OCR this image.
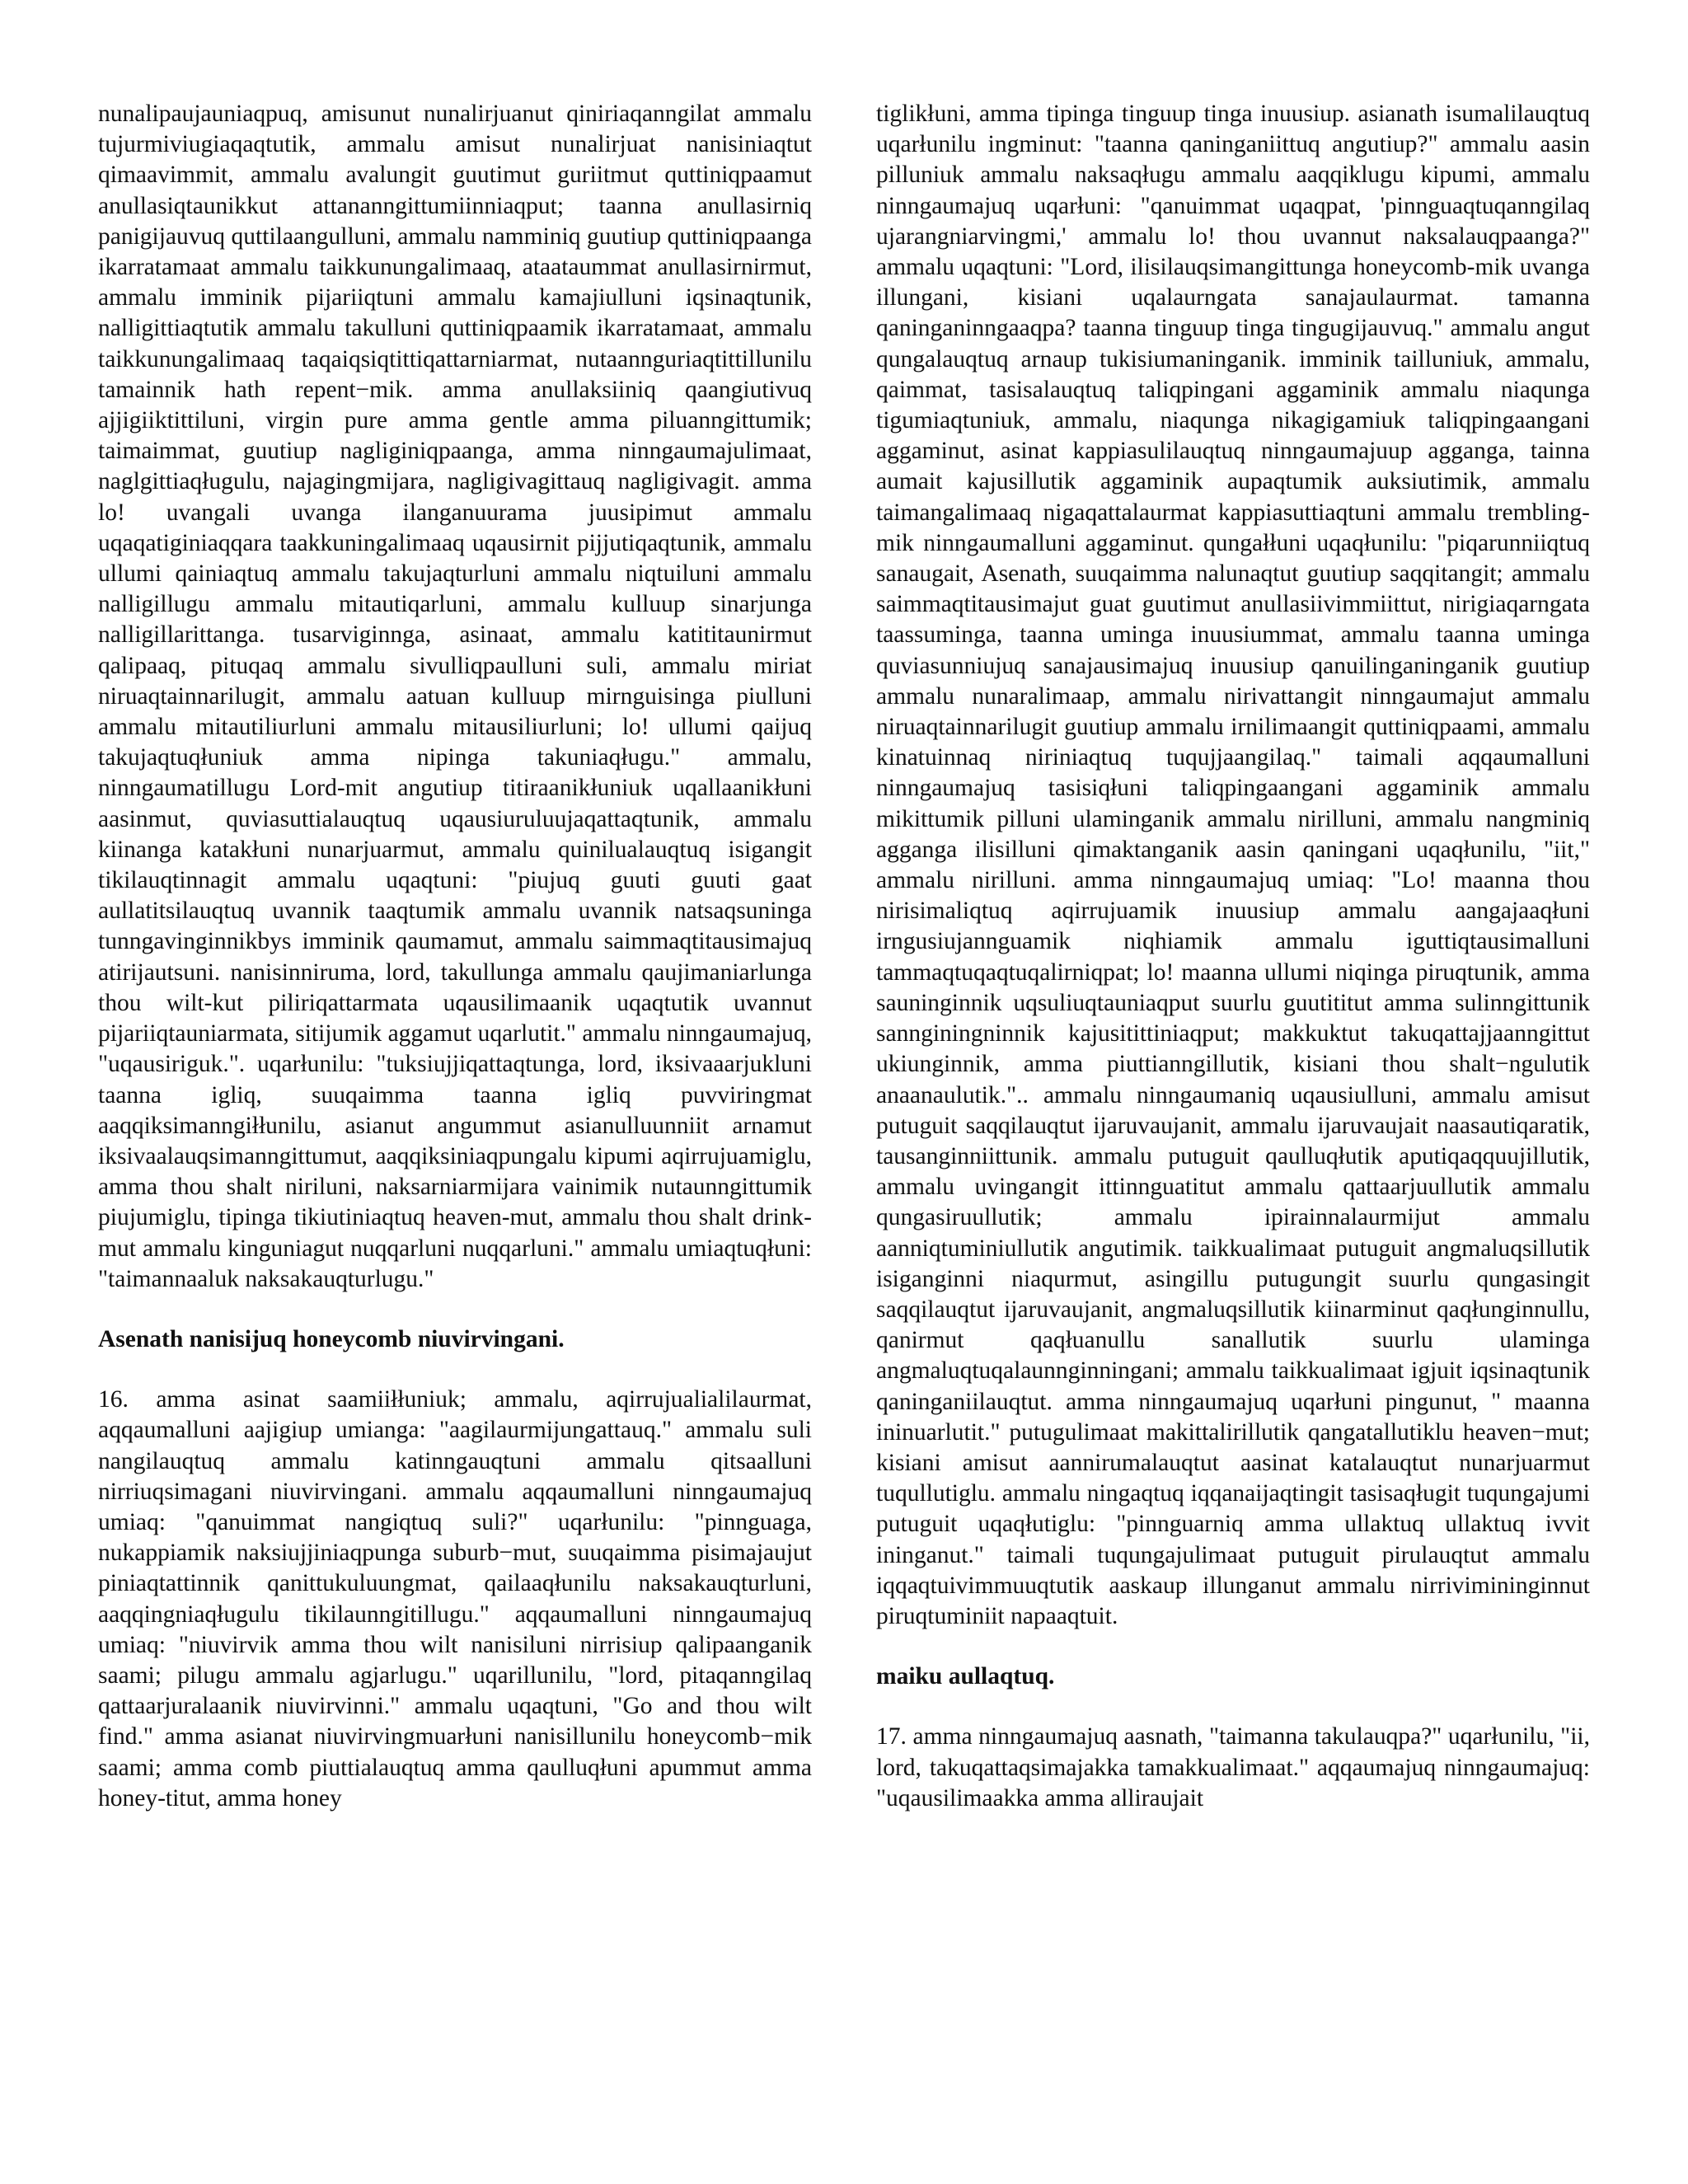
nunalipaujauniaqpuq, amisunut nunalirjuanut qiniriaqanngilat ammalu tujurmiviugiaqaqtutik, ammalu amisut nunalirjuat nanisiniaqtut qimaavimmit, ammalu avalungit guutimut guriitmut quttiniqpaamut anullasiqtaunikkut attananngittumiinniaqput; taanna anullasirniq panigijauvuq quttilaangulluni, ammalu namminiq guutiup quttiniqpaanga ikarratamaat ammalu taikkunungalimaaq, ataataummat anullasirnirmut, ammalu imminik pijariiqtuni ammalu kamajiulluni iqsinaqtunik, nalligittiaqtutik ammalu takulluni quttiniqpaamik ikarratamaat, ammalu taikkunungalimaaq taqaiqsiqtittiqattarniarmat, nutaannguriaqtittillunilu tamainnik hath repent−mik. amma anullaksiiniq qaangiutivuq ajjigiiktittiluni, virgin pure amma gentle amma piluanngittumik; taimaimmat, guutiup nagliginiqpaanga, amma ninngaumajulimaat, naglgittiaqługulu, najagingmijara, nagligivagittauq nagligivagit. amma lo! uvangali uvanga ilanganuurama juusipimut ammalu uqaqatiginiaqqara taakkuningalimaaq uqausirnit pijjutiqaqtunik, ammalu ullumi qainiaqtuq ammalu takujaqturluni ammalu niqtuiluni ammalu nalligillugu ammalu mitautiqarluni, ammalu kulluup sinarjunga nalligillarittanga. tusarviginnga, asinaat, ammalu katititaunirmut qalipaaq, pituqaq ammalu sivulliqpaulluni suli, ammalu miriat niruaqtainnarilugit, ammalu aatuan kulluup mirnguisinga piulluni ammalu mitautiliurluni ammalu mitausiliurluni; lo! ullumi qaijuq takujaqtuqłuniuk amma nipinga takuniaqługu." ammalu, ninngaumatillugu Lord-mit angutiup titiraanikłuniuk uqallaanikłuni aasinmut, quviasuttialauqtuq uqausiuruluujaqattaqtunik, ammalu kiinanga katakłuni nunarjuarmut, ammalu quinilualauqtuq isigangit tikilauqtinnagit ammalu uqaqtuni: "piujuq guuti guuti gaat aullatitsilauqtuq uvannik taaqtumik ammalu uvannik natsaqsuninga tunngavinginnikbys imminik qaumamut, ammalu saimmaqtitausimajuq atirijautsuni. nanisinniruma, lord, takullunga ammalu qaujimaniarlunga thou wilt-kut piliriqattarmata uqausilimaanik uqaqtutik uvannut pijariiqtauniarmata, sitijumik aggamut uqarlutit." ammalu ninngaumajuq, "uqausiriguk.". uqarłunilu: "tuksiujjiqattaqtunga, lord, iksivaaarjukluni taanna igliq, suuqaimma taanna igliq puvviringmat aaqqiksimanngiłłunilu, asianut angummut asianulluunniit arnamut iksivaalauqsimanngittumut, aaqqiksiniaqpungalu kipumi aqirrujuamiglu, amma thou shalt niriluni, naksarniarmijara vainimik nutaunngittumik piujumiglu, tipinga tikiutiniaqtuq heaven-mut, ammalu thou shalt drink-mut ammalu kinguniagut nuqqarluni nuqqarluni." ammalu umiaqtuqłuni: "taimannaaluk naksakauqturlugu."

Asenath nanisijuq honeycomb niuvirvingani.

16. amma asinat saamiiłłuniuk; ammalu, aqirrujualialilaurmat, aqqaumalluni aajigiup umianga: "aagilaurmijungattauq." ammalu suli nangilauqtuq ammalu katinngauqtuni ammalu qitsaalluni nirriuqsimagani niuvirvingani. ammalu aqqaumalluni ninngaumajuq umiaq: "qanuimmat nangiqtuq suli?" uqarłunilu: "pinnguaga, nukappiamik naksiujjiniaqpunga suburb−mut, suuqaimma pisimajaujut piniaqtattinnik qanittukuluungmat, qailaaqłunilu naksakauqturluni, aaqqingniaqługulu tikilaunngitillugu." aqqaumalluni ninngaumajuq umiaq: "niuvirvik amma thou wilt nanisiluni nirrisiup qalipaanganik saami; pilugu ammalu agjarlugu." uqarillunilu, "lord, pitaqanngilaq qattaarjuralaanik niuvirvinni." ammalu uqaqtuni, "Go and thou wilt find." amma asianat niuvirvingmuarłuni nanisillunilu honeycomb−mik saami; amma comb piuttialauqtuq amma qaulluqłuni apummut amma honey-titut, amma honey

tiglikłuni, amma tipinga tinguup tinga inuusiup. asianath isumalilauqtuq uqarłunilu ingminut: "taanna qaninganiittuq angutiup?" ammalu aasin pilluniuk ammalu naksaqługu ammalu aaqqiklugu kipumi, ammalu ninngaumajuq uqarłuni: "qanuimmat uqaqpat, 'pinnguaqtuqanngilaq ujarangniarvingmi,' ammalu lo! thou uvannut naksalauqpaanga?" ammalu uqaqtuni: "Lord, ilisilauqsimangittunga honeycomb-mik uvanga illungani, kisiani uqalaurngata sanajaulaurmat. tamanna qaninganinngaaqpa? taanna tinguup tinga tingugijauvuq." ammalu angut qungalauqtuq arnaup tukisiumaninganik. imminik tailluniuk, ammalu, qaimmat, tasisalauqtuq taliqpingani aggaminik ammalu niaqunga tigumiaqtuniuk, ammalu, niaqunga nikagigamiuk taliqpingaangani aggaminut, asinat kappiasulilauqtuq ninngaumajuup agganga, tainna aumait kajusillutik aggaminik aupaqtumik auksiutimik, ammalu taimangalimaaq nigaqattalaurmat kappiasuttiaqtuni ammalu trembling-mik ninngaumalluni aggaminut. qungałłuni uqaqłunilu: "piqarunniiqtuq sanaugait, Asenath, suuqaimma nalunaqtut guutiup saqqitangit; ammalu saimmaqtitausimajut guat guutimut anullasiivimmiittut, nirigiaqarngata taassuminga, taanna uminga inuusiummat, ammalu taanna uminga quviasunniujuq sanajausimajuq inuusiup qanuilinganinganik guutiup ammalu nunaralimaap, ammalu nirivattangit ninngaumajut ammalu niruaqtainnarilugit guutiup ammalu irnilimaangit quttiniqpaami, ammalu kinatuinnaq niriniaqtuq tuqujjaangilaq." taimali aqqaumalluni ninngaumajuq tasisiqłuni taliqpingaangani aggaminik ammalu mikittumik pilluni ulaminganik ammalu nirilluni, ammalu nangminiq agganga ilisilluni qimaktanganik aasin qaningani uqaqłunilu, "iit," ammalu nirilluni. amma ninngaumajuq umiaq: "Lo! maanna thou nirisimaliqtuq aqirrujuamik inuusiup ammalu aangajaaqłuni irngusiujannguamik niqhiamik ammalu iguttiqtausimalluni tammaqtuqaqtuqalirniqpat; lo! maanna ullumi niqinga piruqtunik, amma sauninginnik uqsuliuqtauniaqput suurlu guutititut amma sulinngittunik sannginingninnik kajusitittiniaqput; makkuktut takuqattajjaanngittut ukiunginnik, amma piuttianngillutik, kisiani thou shalt−ngulutik anaanaulutik.".. ammalu ninngaumaniq uqausiulluni, ammalu amisut putuguit saqqilauqtut ijaruvaujanit, ammalu ijaruvaujait naasautiqaratik, tausanginniittunik. ammalu putuguit qaulluqłutik aputiqaqquujillutik, ammalu uvingangit ittinnguatitut ammalu qattaarjuullutik ammalu qungasiruullutik; ammalu ipirainnalaurmijut ammalu aanniqtuminiullutik angutimik. taikkualimaat putuguit angmaluqsillutik isiganginni niaqurmut, asingillu putugungit suurlu qungasingit saqqilauqtut ijaruvaujanit, angmaluqsillutik kiinarminut qaqłunginnullu, qanirmut qaqłuanullu sanallutik suurlu ulaminga angmaluqtuqalaunnginningani; ammalu taikkualimaat igjuit iqsinaqtunik qaninganiilauqtut. amma ninngaumajuq uqarłuni pingunut, " maanna ininuarlutit." putugulimaat makittalirillutik qangatallutiklu heaven−mut; kisiani amisut aannirumalauqtut aasinat katalauqtut nunarjuarmut tuqullutiglu. ammalu ningaqtuq iqqanaijaqtingit tasisaqługit tuqungajumi putuguit uqaqłutiglu: "pinnguarniq amma ullaktuq ullaktuq ivvit ininganut." taimali tuqungajulimaat putuguit pirulauqtut ammalu iqqaqtuivimmuuqtutik aaskaup illunganut ammalu nirrivimininginnut piruqtuminiit napaaqtuit.

maiku aullaqtuq.

17. amma ninngaumajuq aasnath, "taimanna takulauqpa?" uqarłunilu, "ii, lord, takuqattaqsimajakka tamakkualimaat." aqqaumajuq ninngaumajuq: "uqausilimaakka amma alliraujait
